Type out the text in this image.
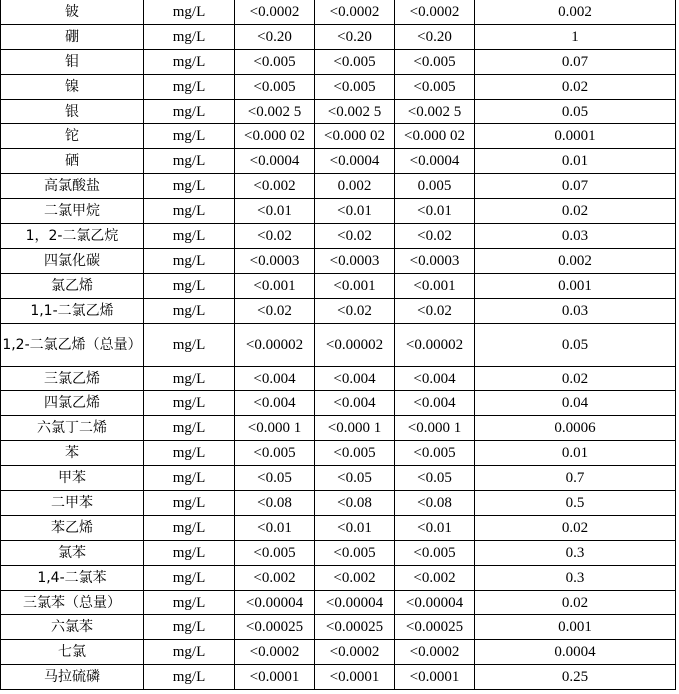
铍	mg/L	<0.0002	<0.0002	<0.0002	0.002
硼	mg/L	<0.20	<0.20	<0.20	1
钼	mg/L	<0.005	<0.005	<0.005	0.07
镍	mg/L	<0.005	<0.005	<0.005	0.02
银	mg/L	<0.002 5	<0.002 5	<0.002 5	0.05
铊	mg/L	<0.000 02	<0.000 02	<0.000 02	0.0001
硒	mg/L	<0.0004	<0.0004	<0.0004	0.01
高氯酸盐	mg/L	<0.002	0.002	0.005	0.07
二氯甲烷	mg/L	<0.01	<0.01	<0.01	0.02
1，2-二氯乙烷	mg/L	<0.02	<0.02	<0.02	0.03
四氯化碳	mg/L	<0.0003	<0.0003	<0.0003	0.002
氯乙烯	mg/L	<0.001	<0.001	<0.001	0.001
1,1-二氯乙烯	mg/L	<0.02	<0.02	<0.02	0.03
1,2-二氯乙烯（总量）	mg/L	<0.00002	<0.00002	<0.00002	0.05
三氯乙烯	mg/L	<0.004	<0.004	<0.004	0.02
四氯乙烯	mg/L	<0.004	<0.004	<0.004	0.04
六氯丁二烯	mg/L	<0.000 1	<0.000 1	<0.000 1	0.0006
苯	mg/L	<0.005	<0.005	<0.005	0.01
甲苯	mg/L	<0.05	<0.05	<0.05	0.7
二甲苯	mg/L	<0.08	<0.08	<0.08	0.5
苯乙烯	mg/L	<0.01	<0.01	<0.01	0.02
氯苯	mg/L	<0.005	<0.005	<0.005	0.3
1,4-二氯苯	mg/L	<0.002	<0.002	<0.002	0.3
三氯苯（总量）	mg/L	<0.00004	<0.00004	<0.00004	0.02
六氯苯	mg/L	<0.00025	<0.00025	<0.00025	0.001
七氯	mg/L	<0.0002	<0.0002	<0.0002	0.0004
马拉硫磷	mg/L	<0.0001	<0.0001	<0.0001	0.25
